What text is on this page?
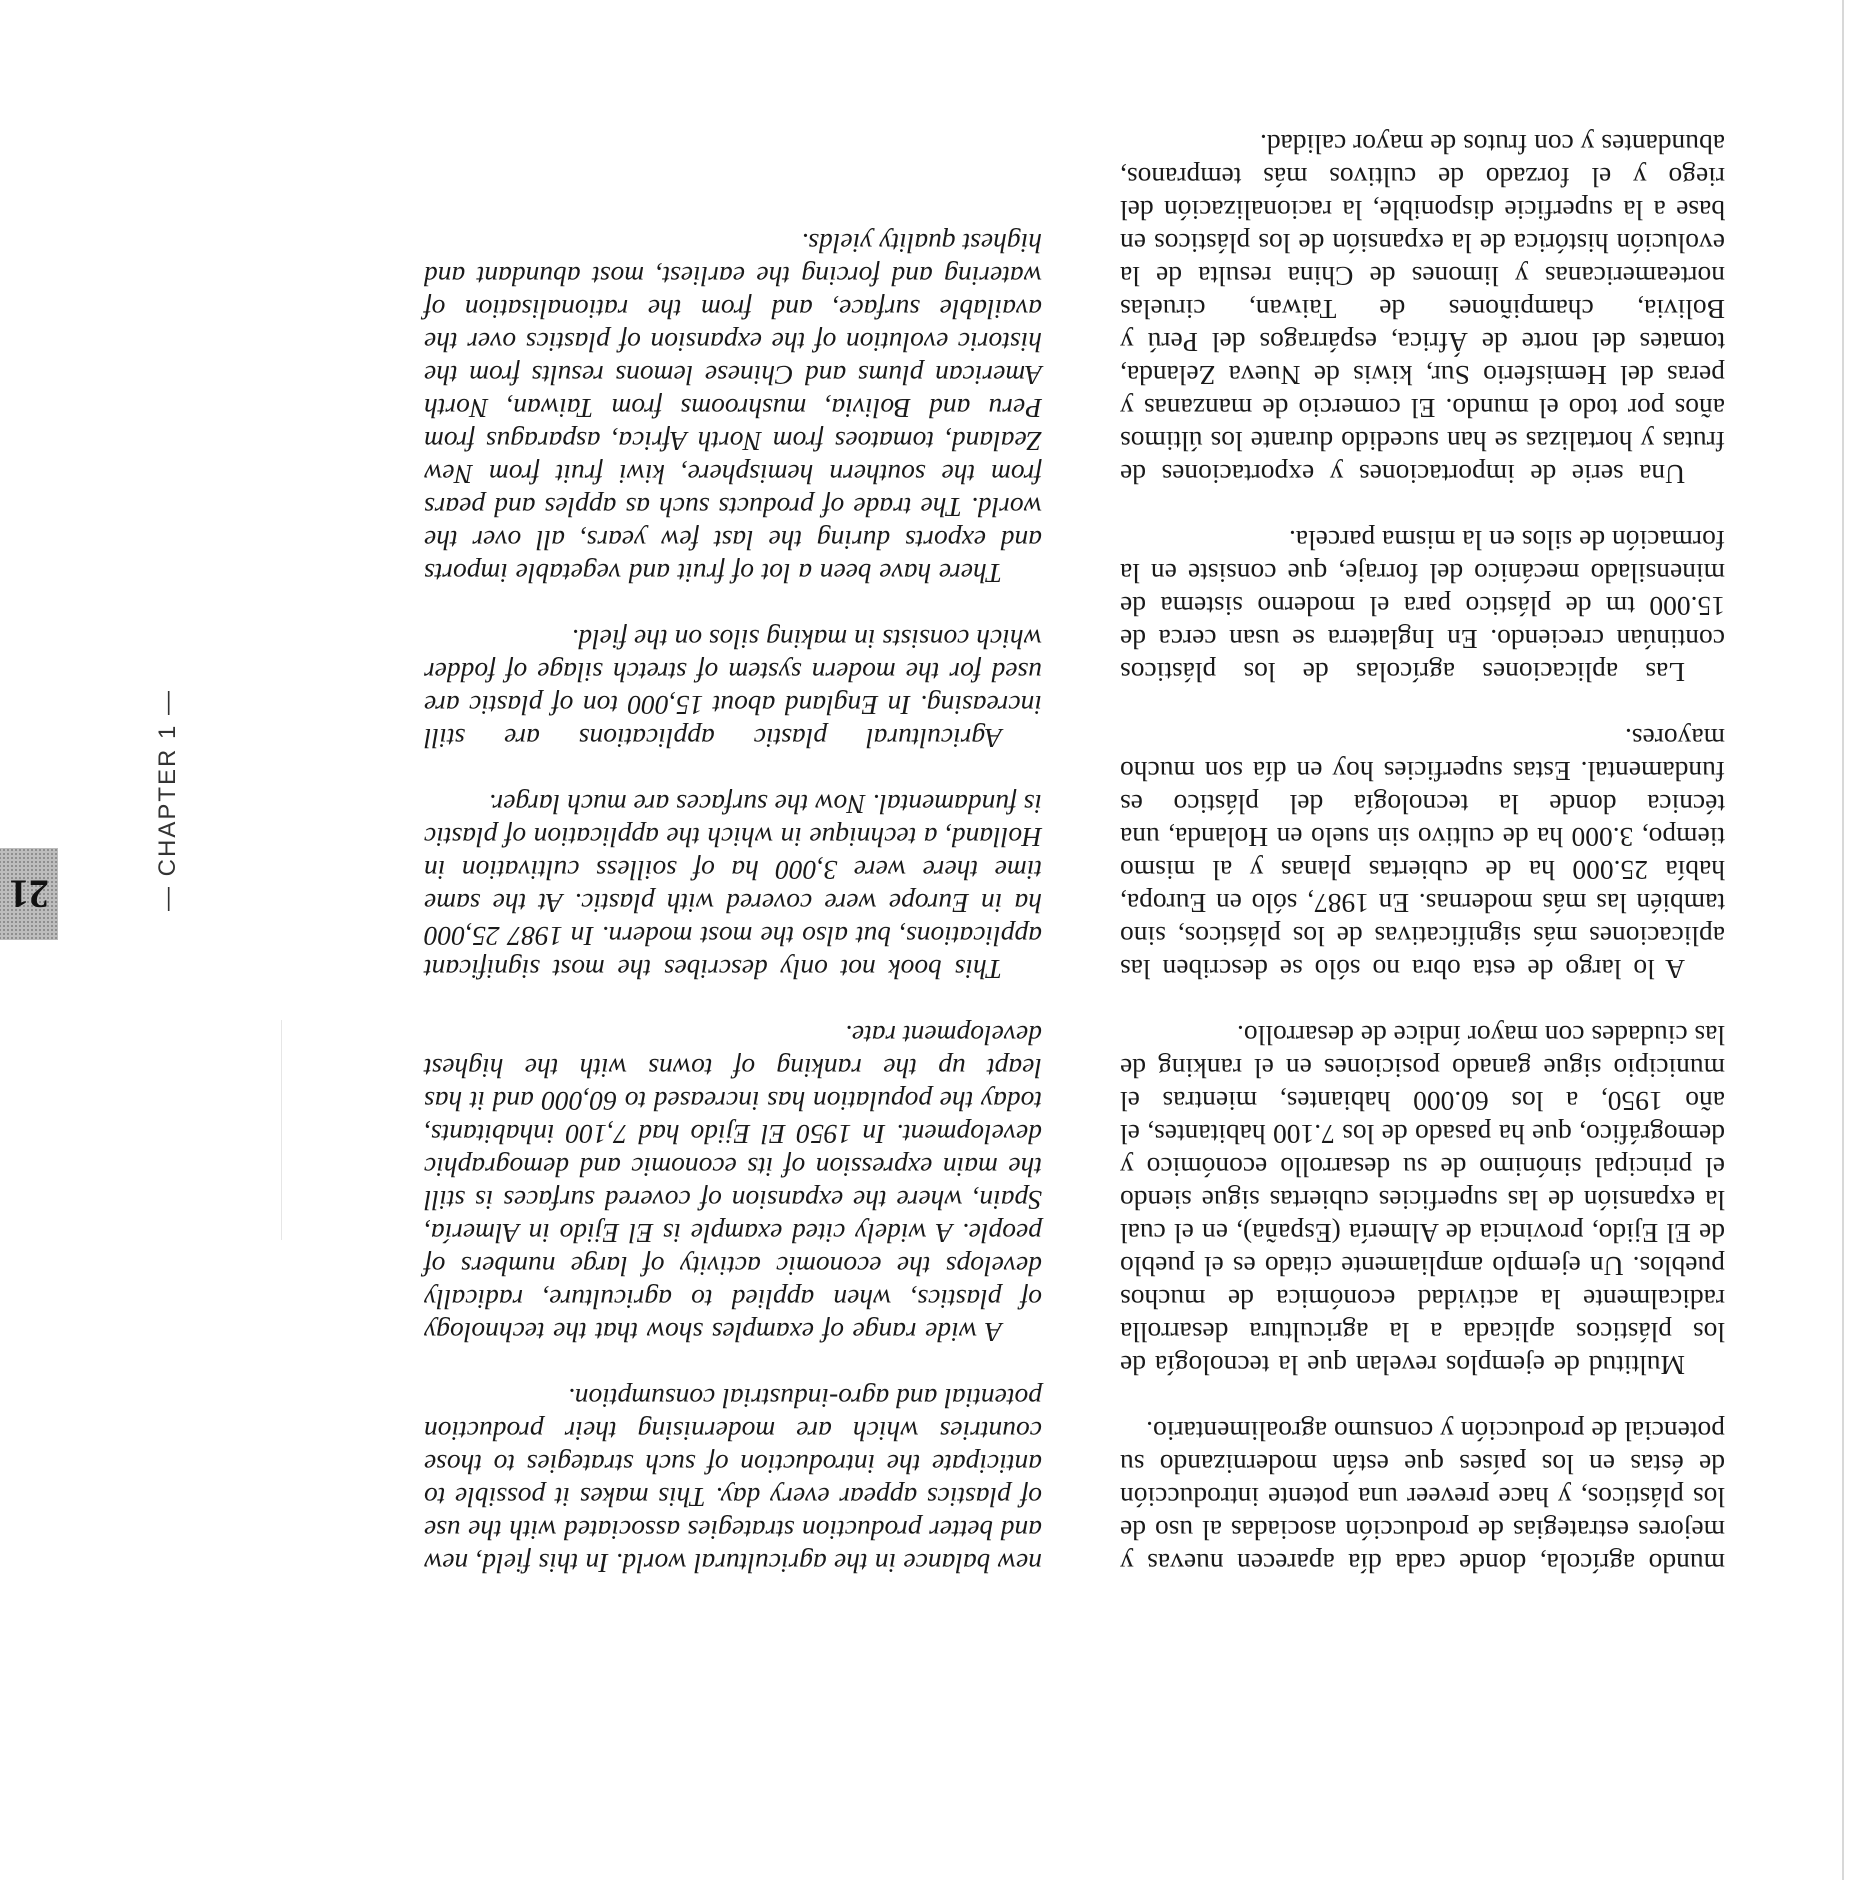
mundo agrícola, donde cada día aparecen nuevas y mejores estrategias de producción asociadas al uso de los plásticos, y hace preveer una potente introducción de éstas en los países que están modernizando su potencial de producción y consumo agroalimentario.

Multitud de ejemplos revelan que la tecnología de los plásticos aplicada a la agricultura desarrolla radicalmente la actividad económica de muchos pueblos. Un ejemplo ampliamente citado es el pueblo de El Ejido, provincia de Almería (España), en el cual la expansión de las superficies cubiertas sigue siendo el principal sinónimo de su desarrollo económico y demográfico, que ha pasado de los 7.100 habitantes, el año 1950, a los 60.000 habiantes, mientras el municipio sigue ganado posiciones en el ranking de las ciudades con mayor índice de desarrollo.

A lo largo de esta obra no sólo se describen las aplicaciones más significativas de los plásticos, sino también las más modernas. En 1987, sólo en Europa, había 25.000 ha de cubiertas planas y al mismo tiempo, 3.000 ha de cultivo sin suelo en Holanda, una técnica donde la tecnología del plástico es fundamental. Estas superficies hoy en día son mucho mayores.

Las aplicaciones agrícolas de los plásticos continúan creciendo. En Inglaterra se usan cerca de 15.000 tm de plástico para el moderno sistema de minensilado mecánico del forraje, que consiste en la formación de silos en la misma parcela.

Una serie de importaciones y exportaciones de frutas y hortalizas se han sucedido durante los últimos años por todo el mundo. El comercio de manzanas y peras del Hemisferio Sur, kiwis de Nueva Zelanda, tomates del norte de África, espárragos del Perú y Bolivia, champiñones de Taiwan, ciruelas norteamericanas y limones de China resulta de la evolución histórica de la expansión de los plásticos en base a la superficie disponible, la racionalización del riego y el forzado de cultivos más tempranos, abundantes y con frutos de mayor calidad.

new balance in the agricultural world. In this field, new and better production strategies associated with the use of plastics appear every day. This makes it possible to anticipate the introduction of such strategies to those countries which are modernising their production potential and agro-industrial consumption.

A wide range of examples show that the technology of plastics, when applied to agriculture, radically develops the economic activity of large numbers of people. A widely cited example is El Ejido in Almería, Spain, where the expansion of covered surfaces is still the main expression of its economic and demographic development. In 1950 El Ejido had 7,100 inhabitants, today the population has increased to 60,000 and it has leapt up the ranking of towns with the highest development rate.

This book not only describes the most significant applications, but also the most modern. In 1987 25,000 ha in Europe were covered with plastic. At the same time there were 3,000 ha of soilless cultivation in Holland, a technique in which the application of plastic is fundamental. Now the surfaces are much larger.

Agricultural plastic applications are still increasing. In England about 15,000 ton of plastic are used for the modern system of stretch silage of fodder which consists in making silos on the field.

There have been a lot of fruit and vegetable imports and exports during the last few years, all over the world. The trade of products such as apples and pears from the southern hemisphere, kiwi fruit from New Zealand, tomatoes from North Africa, asparagus from Peru and Bolivia, mushrooms from Taiwan, North American plums and Chinese lemons results from the historic evolution of the expansion of plastics over the available surface, and from the rationalisation of watering and forcing the earliest, most abundant and highest quality yields.

— CHAPTER 1 —
21
